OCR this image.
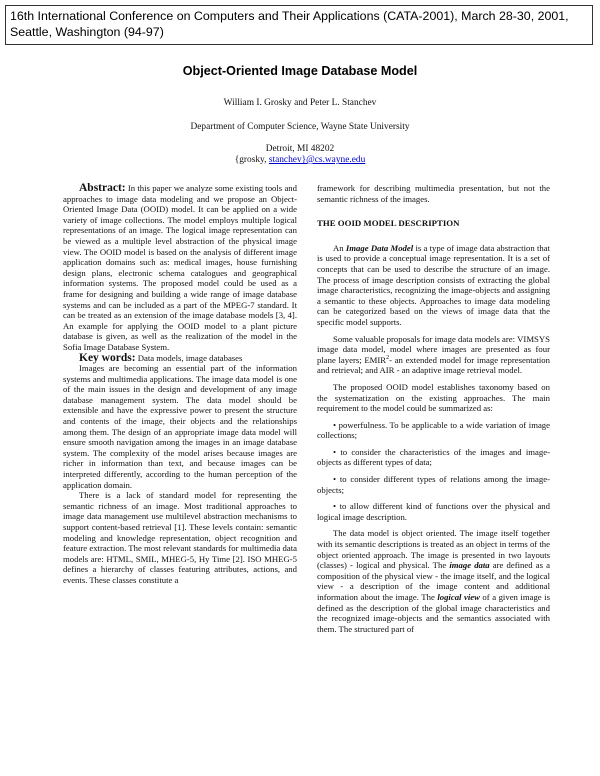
16th International Conference on Computers and Their Applications (CATA-2001), March 28-30, 2001, Seattle, Washington (94-97)
Object-Oriented Image Database Model
William I. Grosky and Peter L. Stanchev
Department of Computer Science, Wayne State University
Detroit, MI 48202
{grosky, stanchev}@cs.wayne.edu

Abstract: In this paper we analyze some existing tools and approaches to image data modeling and we propose an Object-Oriented Image Data (OOID) model. It can be applied on a wide variety of image collections. The model employs multiple logical representations of an image. The logical image representation can be viewed as a multiple level abstraction of the physical image view. The OOID model is based on the analysis of different image application domains such as: medical images, house furnishing design plans, electronic schema catalogues and geographical information systems. The proposed model could be used as a frame for designing and building a wide range of image database systems and can be included as a part of the MPEG-7 standard. It can be treated as an extension of the image database models [3, 4]. An example for applying the OOID model to a plant picture database is given, as well as the realization of the model in the Sofia Image Database System.

Key words: Data models, image databases

Images are becoming an essential part of the information systems and multimedia applications. The image data model is one of the main issues in the design and development of any image database management system. The data model should be extensible and have the expressive power to present the structure and contents of the image, their objects and the relationships among them. The design of an appropriate image data model will ensure smooth navigation among the images in an image database system. The complexity of the model arises because images are richer in information than text, and because images can be interpreted differently, according to the human perception of the application domain.

There is a lack of standard model for representing the semantic richness of an image. Most traditional approaches to image data management use multilevel abstraction mechanisms to support content-based retrieval [1]. These levels contain: semantic modeling and knowledge representation, object recognition and feature extraction. The most relevant standards for multimedia data models are: HTML, SMIL, MHEG-5, Hy Time [2]. ISO MHEG-5 defines a hierarchy of classes featuring attributes, actions, and events. These classes constitute a

framework for describing multimedia presentation, but not the semantic richness of the images.

THE OOID MODEL DESCRIPTION

An Image Data Model is a type of image data abstraction that is used to provide a conceptual image representation. It is a set of concepts that can be used to describe the structure of an image. The process of image description consists of extracting the global image characteristics, recognizing the image-objects and assigning a semantic to these objects. Approaches to image data modeling can be categorized based on the views of image data that the specific model supports.

Some valuable proposals for image data models are: VIMSYS image data model, model where images are presented as four plane layers; EMIR$^2$- an extended model for image representation and retrieval; and AIR - an adaptive image retrieval model.

The proposed OOID model establishes taxonomy based on the systematization on the existing approaches. The main requirement to the model could be summarized as:

• powerfulness. To be applicable to a wide variation of image collections;

• to consider the characteristics of the images and image-objects as different types of data;

• to consider different types of relations among the image-objects;

• to allow different kind of functions over the physical and logical image description.

The data model is object oriented. The image itself together with its semantic descriptions is treated as an object in terms of the object oriented approach. The image is presented in two layouts (classes) - logical and physical. The image data are defined as a composition of the physical view - the image itself, and the logical view - a description of the image content and additional information about the image. The logical view of a given image is defined as the description of the global image characteristics and the recognized image-objects and the semantics associated with them. The structured part of
